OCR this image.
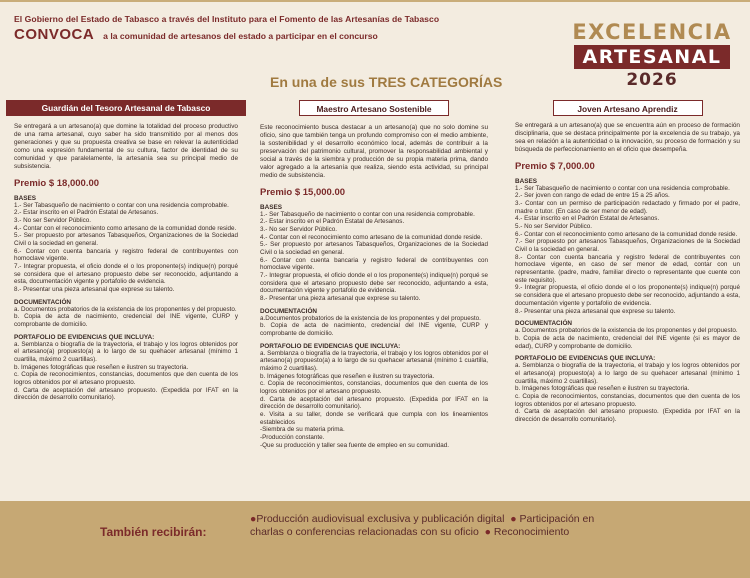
El Gobierno del Estado de Tabasco a través del Instituto para el Fomento de las Artesanías de Tabasco
CONVOCA a la comunidad de artesanos del estado a participar en el concurso	EXCELENCIA
ARTESANAL
2026
En una de sus TRES CATEGORÍAS
Guardián del Tesoro Artesanal de Tabasco
Se entregará a un artesano(a) que domine la totalidad del proceso productivo de una rama artesanal, cuyo saber ha sido transmitido por al menos dos generaciones y que su propuesta creativa se base en relevar la autenticidad como una expresión fundamental de su cultura, factor de identidad de su comunidad y que paralelamente, la artesanía sea su principal medio de subsistencia.
Premio $ 18,000.00
BASES

1.- Ser Tabasqueño de nacimiento o contar con una residencia comprobable.

2.- Estar inscrito en el Padrón Estatal de Artesanos.

3.- No ser Servidor Público.

4.- Contar con el reconocimiento como artesano de la comunidad donde reside.

5.- Ser propuesto por artesanos Tabasqueños, Organizaciones de la Sociedad Civil o la sociedad en general.

6.- Contar con cuenta bancaria y registro federal de contribuyentes con homoclave vigente.

7.- Integrar propuesta, el oficio donde el o los proponente(s) indique(n) porqué se considera que el artesano propuesto debe ser reconocido, adjuntando a esta, documentación vigente y portafolio de evidencia.

8.- Presentar una pieza artesanal que exprese su talento.

DOCUMENTACIÓN

a. Documentos probatorios de la existencia de los proponentes y del propuesto.

b. Copia de acta de nacimiento, credencial del INE vigente, CURP y comprobante de domicilio.

PORTAFOLIO DE EVIDENCIAS QUE INCLUYA:

a. Semblanza o biografía de la trayectoria, el trabajo y los logros obtenidos por el artesano(a) propuesto(a) a lo largo de su quehacer artesanal (mínimo 1 cuartilla, máximo 2 cuartillas).

b. Imágenes fotográficas que reseñen e ilustren su trayectoria.

c. Copia de reconocimientos, constancias, documentos que den cuenta de los logros obtenidos por el artesano propuesto.

d. Carta de aceptación del artesano propuesto. (Expedida por IFAT en la dirección de desarrollo comunitario).

Maestro Artesano Sostenible
Este reconocimiento busca destacar a un artesano(a) que no solo domine su oficio, sino que también tenga un profundo compromiso con el medio ambiente, la sostenibilidad y el desarrollo económico local, además de contribuir a la preservación del patrimonio cultural, promover la responsabilidad ambiental y social a través de la siembra y producción de su propia materia prima, dando valor agregado a la artesanía que realiza, siendo esta actividad, su principal medio de subsistencia.
Premio $ 15,000.00
BASES

1.- Ser Tabasqueño de nacimiento o contar con una residencia comprobable.

2.- Estar inscrito en el Padrón Estatal de Artesanos.

3.- No ser Servidor Público.

4.- Contar con el reconocimiento como artesano de la comunidad donde reside.

5.- Ser propuesto por artesanos Tabasqueños, Organizaciones de la Sociedad Civil o la sociedad en general.

6.- Contar con cuenta bancaria y registro federal de contribuyentes con homoclave vigente.

7.- Integrar propuesta, el oficio donde el o los proponente(s) indique(n) porqué se considera que el artesano propuesto debe ser reconocido, adjuntando a esta, documentación vigente y portafolio de evidencia.

8.- Presentar una pieza artesanal que exprese su talento.

DOCUMENTACIÓN

a.Documentos probatorios de la existencia de los proponentes y del propuesto.

b. Copia de acta de nacimiento, credencial del INE vigente, CURP y comprobante de domicilio.

PORTAFOLIO DE EVIDENCIAS QUE INCLUYA:

a. Semblanza o biografía de la trayectoria, el trabajo y los logros obtenidos por el artesano(a) propuesto(a) a lo largo de su quehacer artesanal (mínimo 1 cuartilla, máximo 2 cuartillas).

b. Imágenes fotográficas que reseñen e ilustren su trayectoria.

c. Copia de reconocimientos, constancias, documentos que den cuenta de los logros obtenidos por el artesano propuesto.

d. Carta de aceptación del artesano propuesto. (Expedida por IFAT en la dirección de desarrollo comunitario).

e. Visita a su taller, donde se verificará que cumpla con los lineamientos establecidos

-Siembra de su materia prima.

-Producción constante.

-Que su producción y taller sea fuente de empleo en su comunidad.

Joven Artesano Aprendiz
Se entregará a un artesano(a) que se encuentra aún en proceso de formación disciplinaria, que se destaca principalmente por la excelencia de su trabajo, ya sea en relación a la autenticidad o la innovación, su proceso de formación y su búsqueda de perfeccionamiento en el oficio que desempeña.
Premio $ 7,000.00
BASES

1.- Ser Tabasqueño de nacimiento o contar con una residencia comprobable.

2.- Ser joven con rango de edad de entre 15 a 25 años.

3.- Contar con un permiso de participación redactado y firmado por el padre, madre o tutor. (En caso de ser menor de edad).

4.- Estar inscrito en el Padrón Estatal de Artesanos.

5.- No ser Servidor Público.

6.- Contar con el reconocimiento como artesano de la comunidad donde reside.

7.- Ser propuesto por artesanos Tabasqueños, Organizaciones de la Sociedad Civil o la sociedad en general.

8.- Contar con cuenta bancaria y registro federal de contribuyentes con homoclave vigente, en caso de ser menor de edad, contar con un representante. (padre, madre, familiar directo o representante que cuente con este requisito).

9.- Integrar propuesta, el oficio donde el o los proponente(s) indique(n) porqué se considera que el artesano propuesto debe ser reconocido, adjuntando a esta, documentación vigente y portafolio de evidencia.

8.- Presentar una pieza artesanal que exprese su talento.

DOCUMENTACIÓN

a. Documentos probatorios de la existencia de los proponentes y del propuesto.

b. Copia de acta de nacimiento, credencial del INE vigente (si es mayor de edad), CURP y comprobante de domicilio.

PORTAFOLIO DE EVIDENCIAS QUE INCLUYA:

a. Semblanza o biografía de la trayectoria, el trabajo y los logros obtenidos por el artesano(a) propuesto(a) a lo largo de su quehacer artesanal (mínimo 1 cuartilla, máximo 2 cuartillas).

b. Imágenes fotográficas que reseñen e ilustren su trayectoria.

c. Copia de reconocimientos, constancias, documentos que den cuenta de los logros obtenidos por el artesano propuesto.

d. Carta de aceptación del artesano propuesto. (Expedida por IFAT en la dirección de desarrollo comunitario).

También recibirán:
●Producción audiovisual exclusiva y publicación digital ● Participación en
charlas o conferencias relacionadas con su oficio ● Reconocimiento
